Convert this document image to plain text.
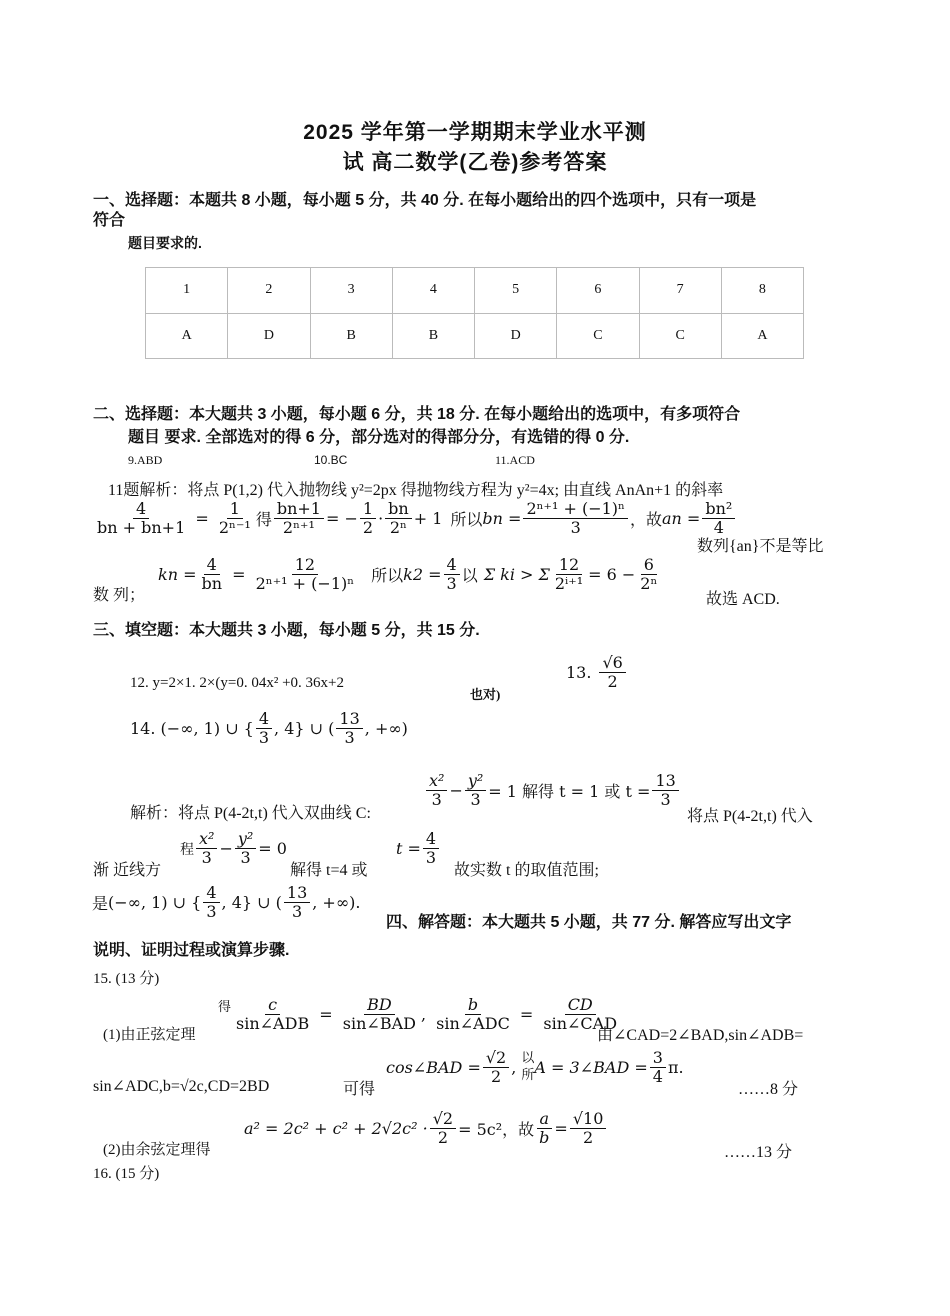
2025 学年第一学期期末学业水平测
试 高二数学(乙卷)参考答案
一、选择题：本题共 8 小题，每小题 5 分，共 40 分. 在每小题给出的四个选项中，只有一项是
符合
题目要求的.
1	2	3	4	5	6	7	8
A	D	B	B	D	C	C	A
二、选择题：本大题共 3 小题，每小题 6 分，共 18 分. 在每小题给出的选项中，有多项符合
题目 要求. 全部选对的得 6 分，部分选对的得部分分，有选错的得 0 分.
9.ABD	10.BC	11.ACD
11题解析：将点 P(1,2) 代入抛物线 y²=2px 得抛物线方程为 y²=4x; 由直线 AnAn+1 的斜率
$\frac{4}{bn + bn+1} = \frac{1}{\text{2ⁿ⁻¹}}$ 得 $\frac{bn+1}{\text{2ⁿ⁺¹}}$ = − $\frac{1}{2} \cdot \frac{bn}{\text{2ⁿ}} + 1$ 所以 bn = $\frac{\text{2ⁿ⁺¹ + (−1)ⁿ}}{3}$ ，故 an = $\frac{\text{bn²}}{4}$
数列{an}不是等比
数 列；
kn = $\frac{4}{bn} = \frac{12}{\text{2ⁿ⁺¹ + (−1)ⁿ}}$ 所以 $k2 = \frac{4}{3}$ 以 Σ ki > Σ $\frac{12}{\text{2ⁱ⁺¹}} = 6 - \frac{6}{\text{2ⁿ}}$
故选 ACD.
三、填空题：本大题共 3 小题，每小题 5 分，共 15 分.
12. y=2×1. 2×(y=0. 04x² +0. 36x+2
也对)
13. $\frac{√6}{2}$
14. (−∞, 1) ∪ { $\frac{4}{3}$ , 4} ∪ ( $\frac{13}{3}$ , +∞)
解析：将点 P(4-2t,t) 代入双曲线 C:
$\frac{\text{x²}}{3} - \frac{\text{y²}}{3} = 1$ 解得 t = 1 或 $t = \frac{13}{3}$
将点 P(4-2t,t) 代入
渐 近线方
程 $\frac{\text{x²}}{3} - \frac{\text{y²}}{3} = 0$
解得 t=4 或
$t = \frac{4}{3}$
故实数 t 的取值范围;
是 (−∞, 1) ∪ { $\frac{4}{3}$ , 4} ∪ ( $\frac{13}{3}$ , +∞).
四、解答题：本大题共 5 小题，共 77 分. 解答应写出文字
说明、证明过程或演算步骤.
15. (13 分)
(1)由正弦定理
得 $\frac{c}{\text{sin∠ADB}} = \frac{BD}{\text{sin∠BAD}}$ , $\frac{b}{\text{sin∠ADC}} = \frac{CD}{\text{sin∠CAD}}$
由∠CAD=2∠BAD,sin∠ADB=
sin∠ADC,b=√2c,CD=2BD	可得
cos∠BAD = $\frac{√2}{2}$ , 以
所 A = 3∠BAD = $\frac{3}{4} \pi$.
……8 分
(2)由余弦定理得
$a^2 = 2c^2 + c^2 + 2√2c^2 \cdot \frac{√2}{2} = 5c^2$，故 $\frac{a}{b} = \frac{√10}{2}$
……13 分
16. (15 分)
